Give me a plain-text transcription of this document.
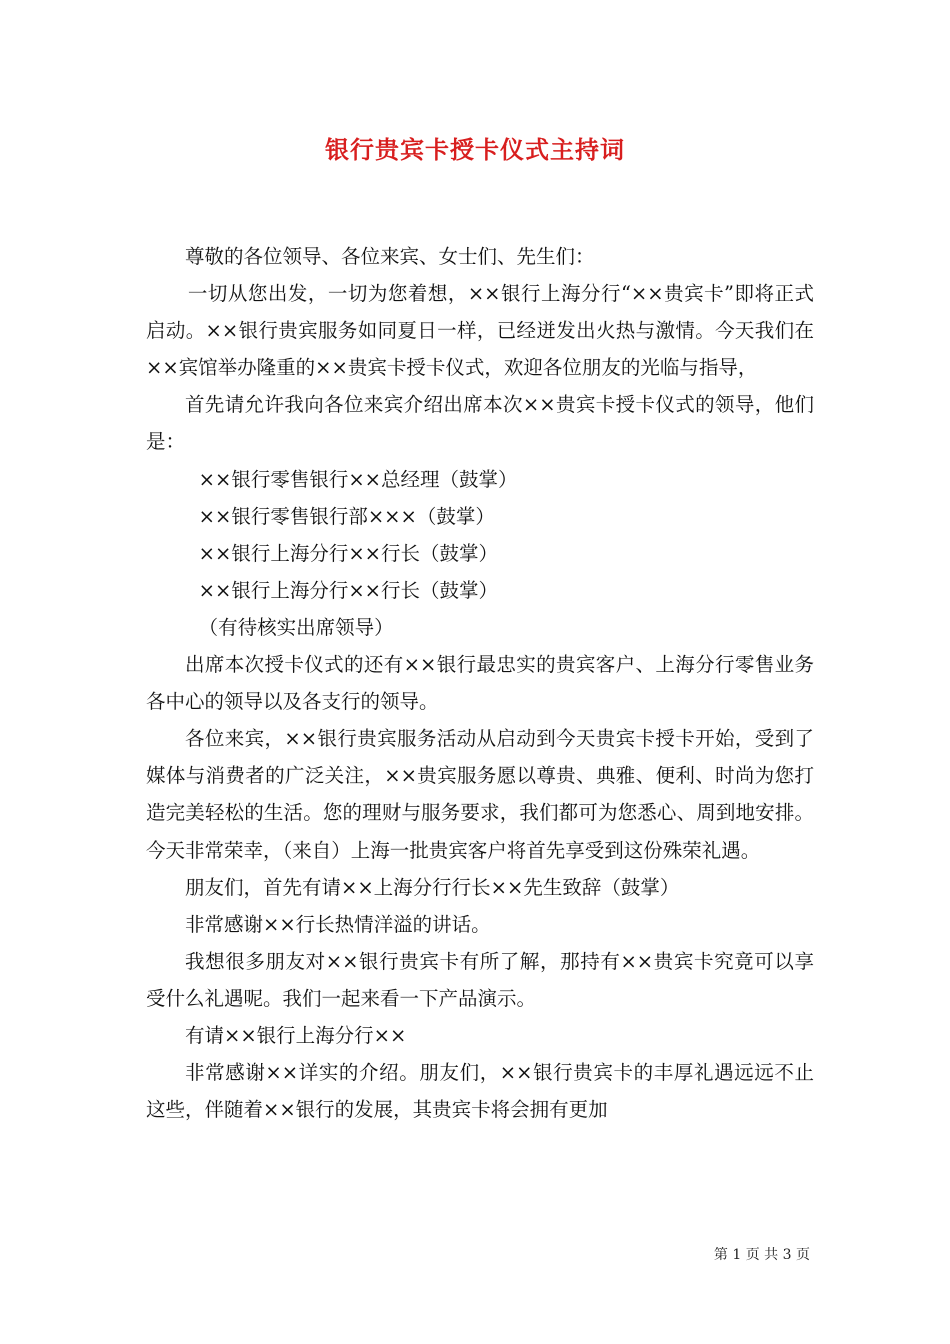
银行贵宾卡授卡仪式主持词

尊敬的各位领导、各位来宾、女士们、先生们：

一切从您出发，一切为您着想，××银行上海分行“××贵宾卡”即将正式启动。××银行贵宾服务如同夏日一样，已经迸发出火热与激情。今天我们在××宾馆举办隆重的××贵宾卡授卡仪式，欢迎各位朋友的光临与指导，

首先请允许我向各位来宾介绍出席本次××贵宾卡授卡仪式的领导，他们是：

××银行零售银行××总经理（鼓掌）

××银行零售银行部×××（鼓掌）

××银行上海分行××行长（鼓掌）

××银行上海分行××行长（鼓掌）

（有待核实出席领导）

出席本次授卡仪式的还有××银行最忠实的贵宾客户、上海分行零售业务各中心的领导以及各支行的领导。

各位来宾，××银行贵宾服务活动从启动到今天贵宾卡授卡开始，受到了媒体与消费者的广泛关注，××贵宾服务愿以尊贵、典雅、便利、时尚为您打造完美轻松的生活。您的理财与服务要求，我们都可为您悉心、周到地安排。今天非常荣幸，（来自）上海一批贵宾客户将首先享受到这份殊荣礼遇。

朋友们，首先有请××上海分行行长××先生致辞（鼓掌）

非常感谢××行长热情洋溢的讲话。

我想很多朋友对××银行贵宾卡有所了解，那持有××贵宾卡究竟可以享受什么礼遇呢。我们一起来看一下产品演示。

有请××银行上海分行××

非常感谢××详实的介绍。朋友们，××银行贵宾卡的丰厚礼遇远远不止这些，伴随着××银行的发展，其贵宾卡将会拥有更加

第 1 页 共 3 页
